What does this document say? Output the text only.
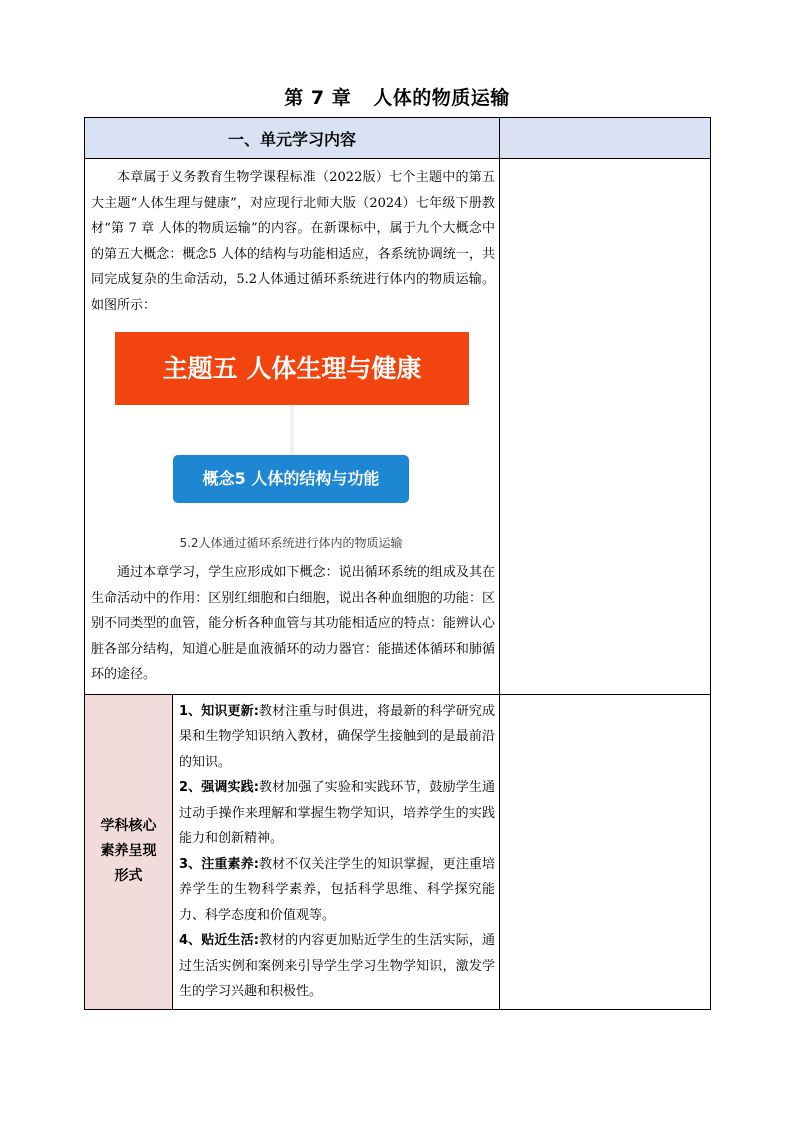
第 7 章 人体的物质运输
一、单元学习内容		

本章属于义务教育生物学课程标准（2022版）七个主题中的第五大主题“人体生理与健康”，对应现行北师大版（2024）七年级下册教材“第 7 章 人体的物质运输”的内容。在新课标中，属于九个大概念中的第五大概念：概念5 人体的结构与功能相适应，各系统协调统一，共同完成复杂的生命活动，5.2人体通过循环系统进行体内的物质运输。如图所示：

主题五 人体生理与健康
概念5 人体的结构与功能
5.2人体通过循环系统进行体内的物质运输

通过本章学习，学生应形成如下概念：说出循环系统的组成及其在生命活动中的作用：区别红细胞和白细胞，说出各种血细胞的功能：区别不同类型的血管，能分析各种血管与其功能相适应的特点：能辨认心脏各部分结构，知道心脏是血液循环的动力器官：能描述体循环和肺循环的途径。		

学科核心素养呈现形式	1、知识更新:教材注重与时俱进，将最新的科学研究成果和生物学知识纳入教材，确保学生接触到的是最前沿的知识。

2、强调实践:教材加强了实验和实践环节，鼓励学生通过动手操作来理解和掌握生物学知识，培养学生的实践能力和创新精神。

3、注重素养:教材不仅关注学生的知识掌握，更注重培养学生的生物科学素养，包括科学思维、科学探究能力、科学态度和价值观等。

4、贴近生活:教材的内容更加贴近学生的生活实际，通过生活实例和案例来引导学生学习生物学知识，激发学生的学习兴趣和积极性。	
